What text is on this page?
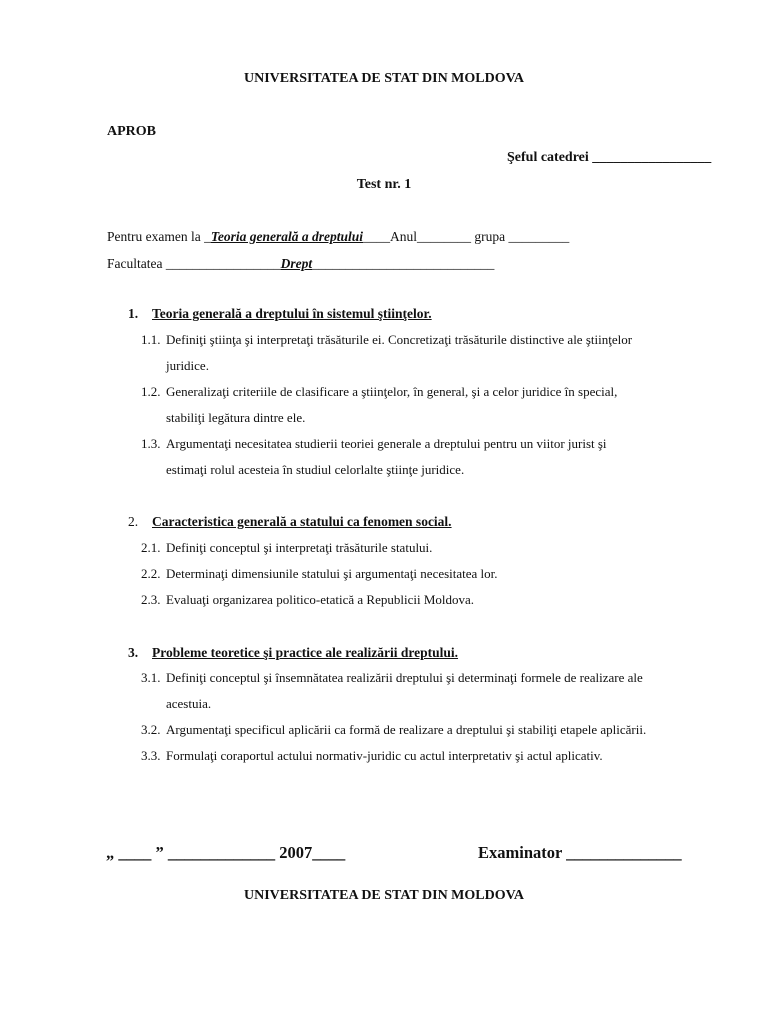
UNIVERSITATEA DE STAT DIN MOLDOVA
APROB
Şeful catedrei _________________
Test nr. 1
Pentru examen la _Teoria generală a dreptului____Anul________ grupa _________
Facultatea _________________Drept___________________________
1. Teoria generală a dreptului în sistemul ştiinţelor.
1.1. Definiţi ştiinţa şi interpretaţi trăsăturile ei. Concretizaţi trăsăturile distinctive ale ştiinţelor
juridice.
1.2. Generalizaţi criteriile de clasificare a ştiinţelor, în general, şi a celor juridice în special,
stabiliţi legătura dintre ele.
1.3. Argumentaţi necesitatea studierii teoriei generale a dreptului pentru un viitor jurist şi
estimaţi rolul acesteia în studiul celorlalte ştiinţe juridice.
2. Caracteristica generală a statului ca fenomen social.
2.1. Definiţi conceptul şi interpretaţi trăsăturile statului.
2.2. Determinaţi dimensiunile statului şi argumentaţi necesitatea lor.
2.3. Evaluaţi organizarea politico-etatică a Republicii Moldova.
3. Probleme teoretice şi practice ale realizării dreptului.
3.1. Definiţi conceptul şi însemnătatea realizării dreptului şi determinaţi formele de realizare ale
acestuia.
3.2. Argumentaţi specificul aplicării ca formă de realizare a dreptului şi stabiliţi etapele aplicării.
3.3. Formulaţi coraportul actului normativ-juridic cu actul interpretativ şi actul aplicativ.
„ ____ ” _____________ 2007____	Examinator ______________
UNIVERSITATEA DE STAT DIN MOLDOVA
